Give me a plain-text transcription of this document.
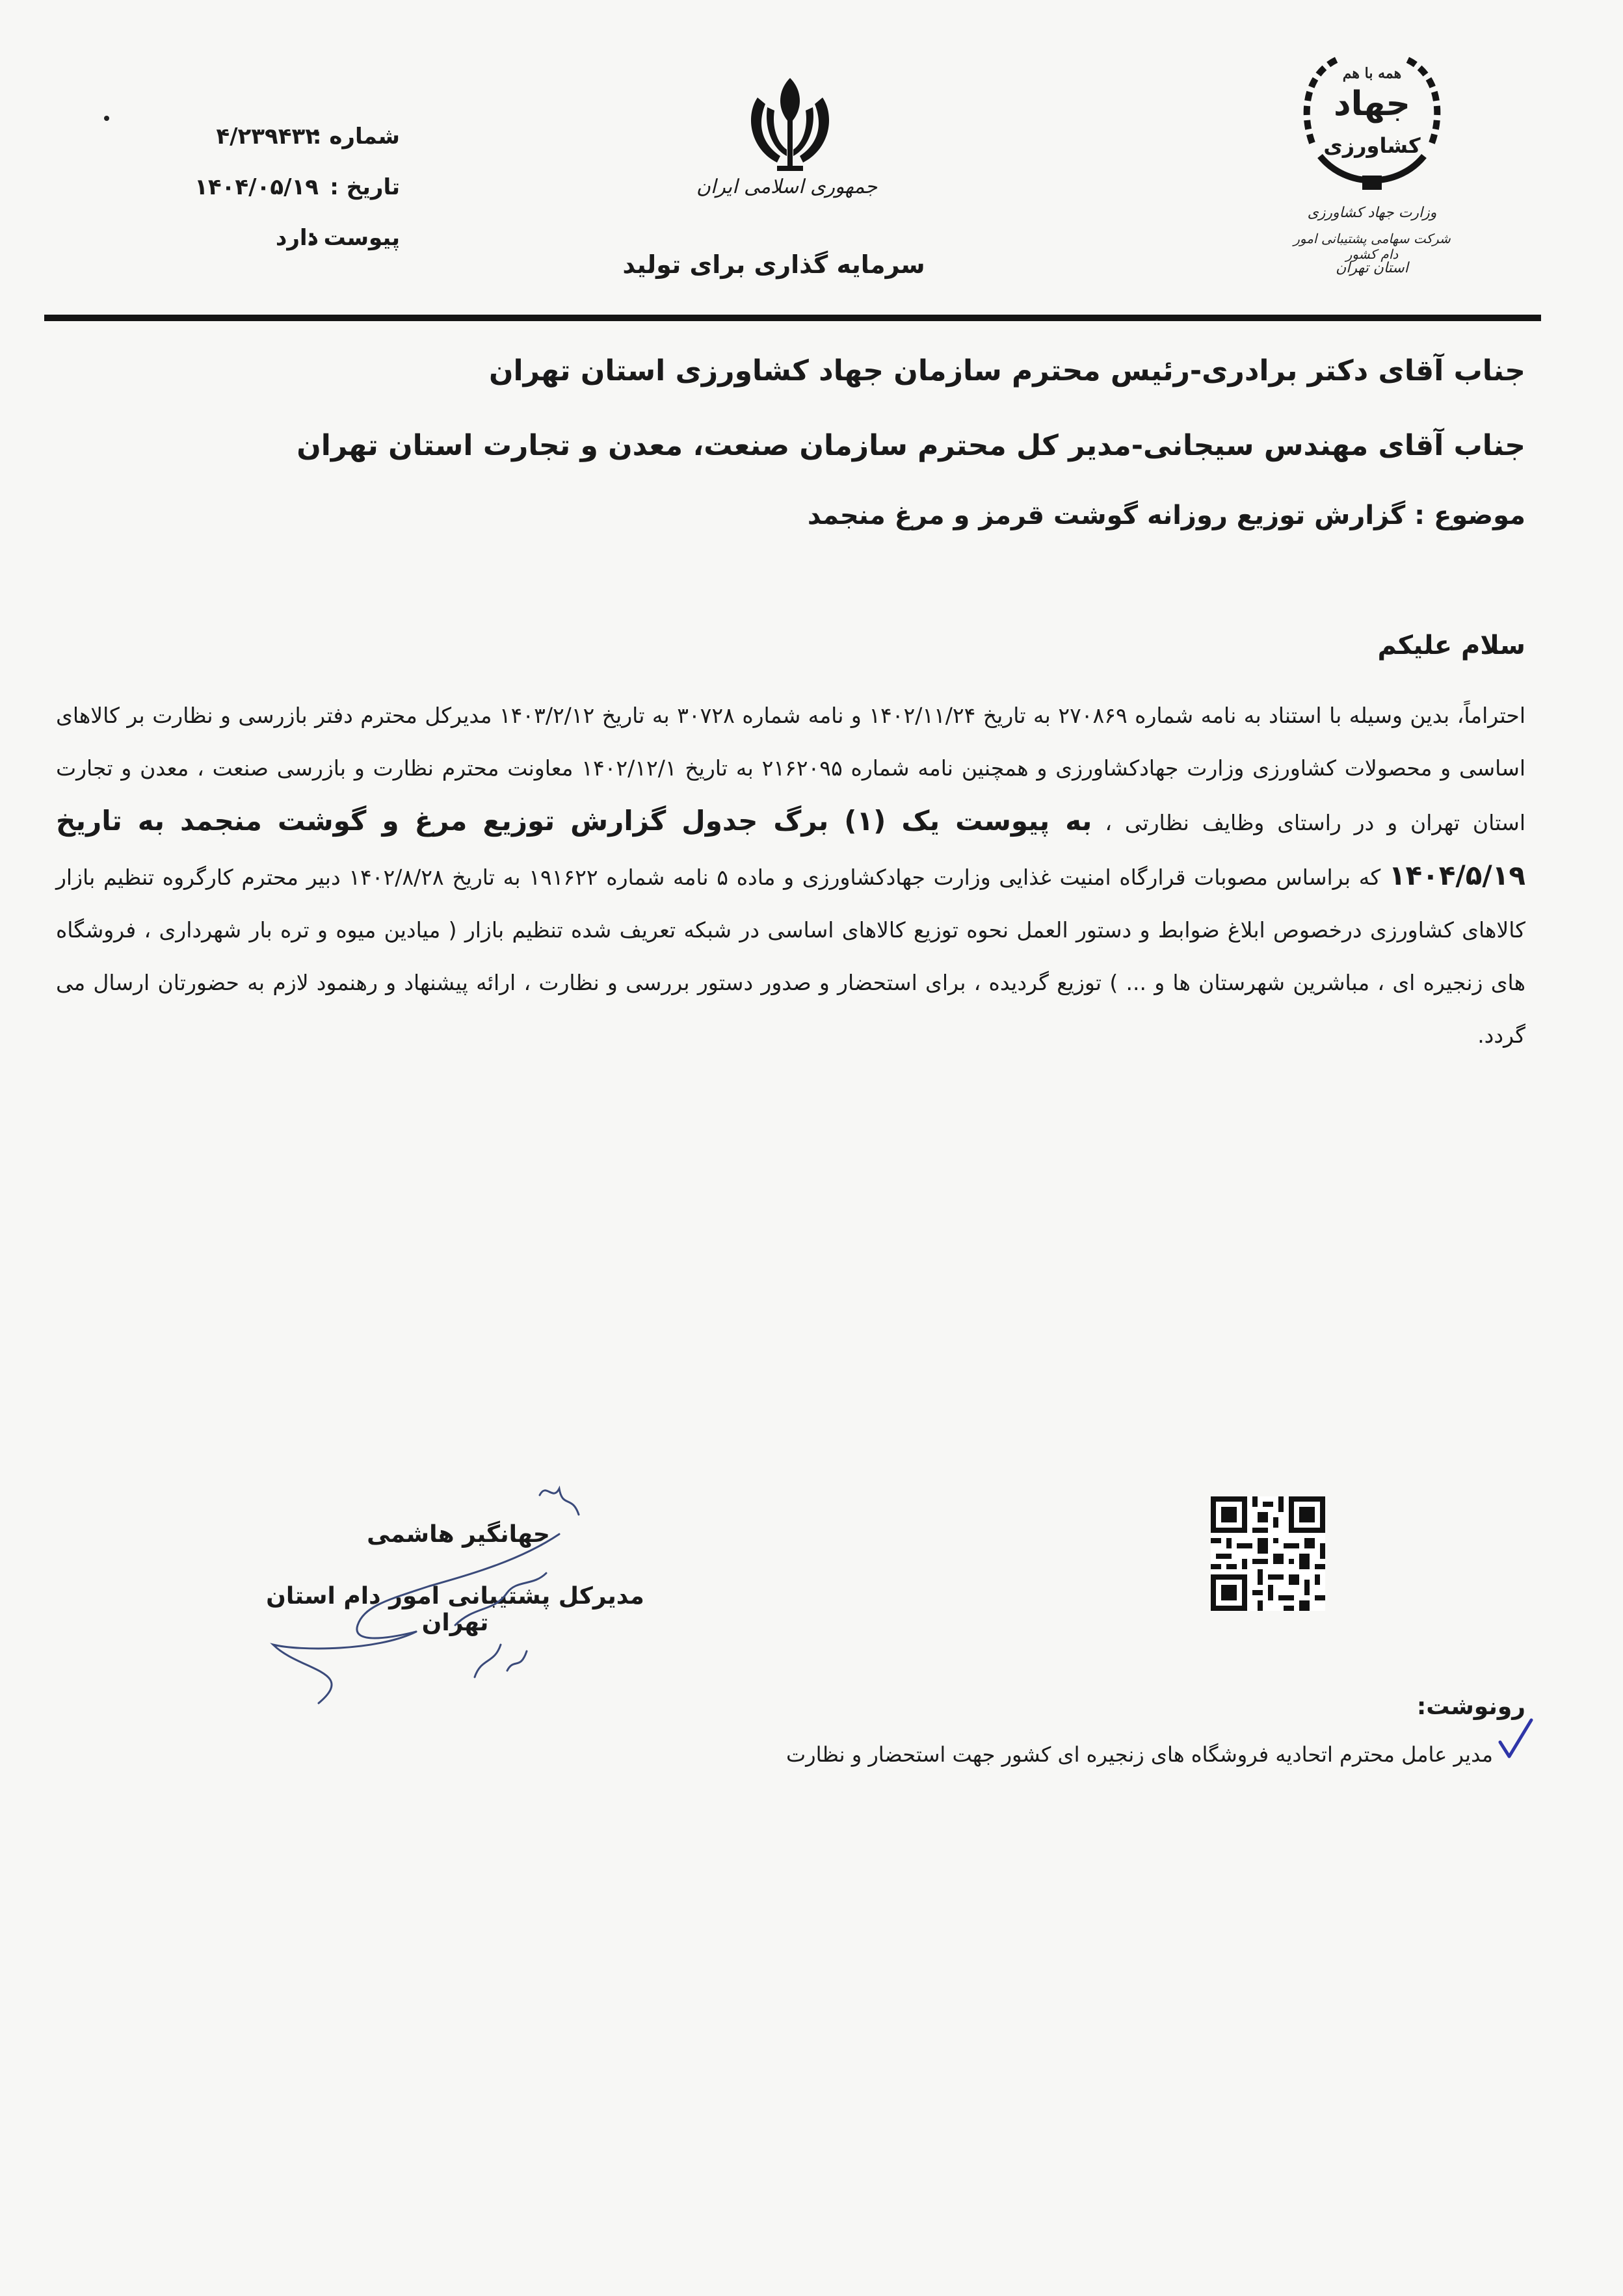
شماره :
۴/۲۳۹۴۳۲
تاریخ :
۱۴۰۴/۰۵/۱۹
پیوست :
دارد
جمهوری اسلامی ایران
سرمایه گذاری برای تولید
همه با هم
جهاد
کشاورزی
وزارت جهاد کشاورزی
شرکت سهامی پشتیبانی امور دام کشور
استان تهران
جناب آقای دکتر برادری-رئیس محترم سازمان جهاد کشاورزی استان تهران
جناب آقای مهندس سیجانی-مدیر کل محترم سازمان صنعت، معدن و تجارت استان تهران
موضوع : گزارش توزیع روزانه گوشت قرمز و مرغ منجمد
سلام علیکم
احتراماً، بدین وسیله با استناد به نامه شماره ۲۷۰۸۶۹ به تاریخ ۱۴۰۲/۱۱/۲۴ و نامه شماره ۳۰۷۲۸ به تاریخ ۱۴۰۳/۲/۱۲ مدیرکل محترم دفتر بازرسی و نظارت بر کالاهای اساسی و محصولات کشاورزی وزارت جهادکشاورزی و همچنین نامه شماره ۲۱۶۲۰۹۵ به تاریخ ۱۴۰۲/۱۲/۱ معاونت محترم نظارت و بازرسی صنعت ، معدن و تجارت استان تهران و در راستای وظایف نظارتی ، به پیوست یک (۱) برگ جدول گزارش توزیع مرغ و گوشت منجمد به تاریخ ۱۴۰۴/۵/۱۹ که براساس مصوبات قرارگاه امنیت غذایی وزارت جهادکشاورزی و ماده ۵ نامه شماره ۱۹۱۶۲۲ به تاریخ ۱۴۰۲/۸/۲۸ دبیر محترم کارگروه تنظیم بازار کالاهای کشاورزی درخصوص ابلاغ ضوابط و دستور العمل نحوه توزیع کالاهای اساسی در شبکه تعریف شده تنظیم بازار ( میادین میوه و تره بار شهرداری ، فروشگاه های زنجیره ای ، مباشرین شهرستان ها و ... ) توزیع گردیده ، برای استحضار و صدور دستور بررسی و نظارت ، ارائه پیشنهاد و رهنمود لازم به حضورتان ارسال می گردد.
جهانگیر هاشمی
مدیرکل پشتیبانی امور دام استان تهران
رونوشت:
مدیر عامل محترم اتحادیه فروشگاه های زنجیره ای کشور جهت استحضار و نظارت
